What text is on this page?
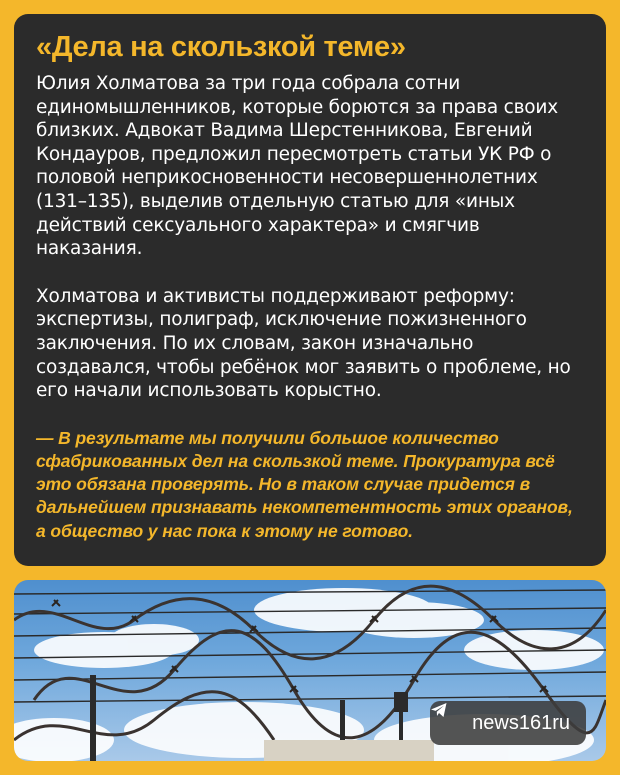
«Дела на скользкой теме»

Юлия Холматова за три года собрала сотни единомышленников, которые борются за права своих близких. Адвокат Вадима Шерстенникова, Евгений Кондауров, предложил пересмотреть статьи УК РФ о половой неприкосновенности несовершеннолетних (131–135), выделив отдельную статью для «иных действий сексуального характера» и смягчив наказания.

Холматова и активисты поддерживают реформу: экспертизы, полиграф, исключение пожизненного заключения. По их словам, закон изначально создавался, чтобы ребёнок мог заявить о проблеме, но его начали использовать корыстно.

— В результате мы получили большое количество сфабрикованных дел на скользкой теме. Прокуратура всё это обязана проверять. Но в таком случае придется в дальнейшем признавать некомпетентность этих органов, а общество у нас пока к этому не готово.

news161ru
